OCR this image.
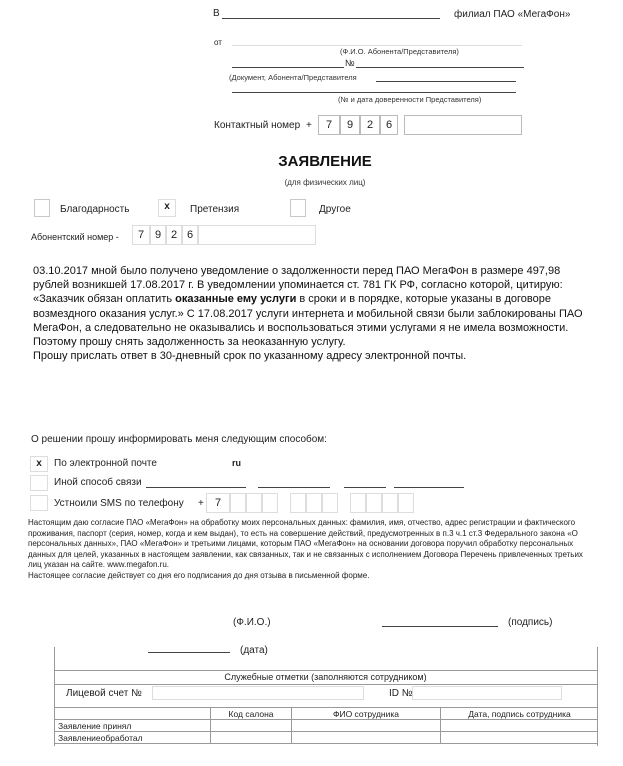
В	филиал ПАО «МегаФон»
от
(Ф.И.О. Абонента/Представителя)
№
(Документ, Абонента/Представителя
(№ и дата доверенности Представителя)
Контактный номер +	7	9	2	6
ЗАЯВЛЕНИЕ
(для физических лиц)
Благодарность	x	Претензия	Другое
Абонентский номер -	7 9 2 6
03.10.2017 мной было получено уведомление о задолженности перед ПАО МегаФон в размере 497,98 рублей возникшей 17.08.2017 г. В уведомлении упоминается ст. 781 ГК РФ, согласно которой, цитирую: «Заказчик обязан оплатить оказанные ему услуги в сроки и в порядке, которые указаны в договоре возмездного оказания услуг.» С 17.08.2017 услуги интернета и мобильной связи были заблокированы ПАО МегаФон, а следовательно не оказывались и воспользоваться этими услугами я не имела возможности. Поэтому прошу снять задолженность за неоказанную услугу.
Прошу прислать ответ в 30-дневный срок по указанному адресу электронной почты.
О решении прошу информировать меня следующим способом:
x	По электронной почте	ru
Иной способ связи
Устноили SMS по телефону +	7
Настоящим даю согласие ПАО «МегаФон» на обработку моих персональных данных: фамилия, имя, отчество, адрес регистрации и фактического проживания, паспорт (серия, номер, когда и кем выдан), то есть на совершение действий, предусмотренных в п.3 ч.1 ст.3 Федерального закона «О персональных данных», ПАО «МегаФон» и третьими лицами, которым ПАО «МегаФон» на основании договора поручил обработку персональных данных для целей, указанных в настоящем заявлении, как связанных, так и не связанных с исполнением Договора Перечень привлеченных третьих лиц указан на сайте. www.megafon.ru.
Настоящее согласие действует со дня его подписания до дня отзыва в письменной форме.
(Ф.И.О.)	(подпись)
(дата)
Служебные отметки (заполняются сотрудником)
Лицевой счет №	ID №
	Код салона	ФИО сотрудника	Дата, подпись сотрудника
Заявление принял			
Заявлениеобработал			
